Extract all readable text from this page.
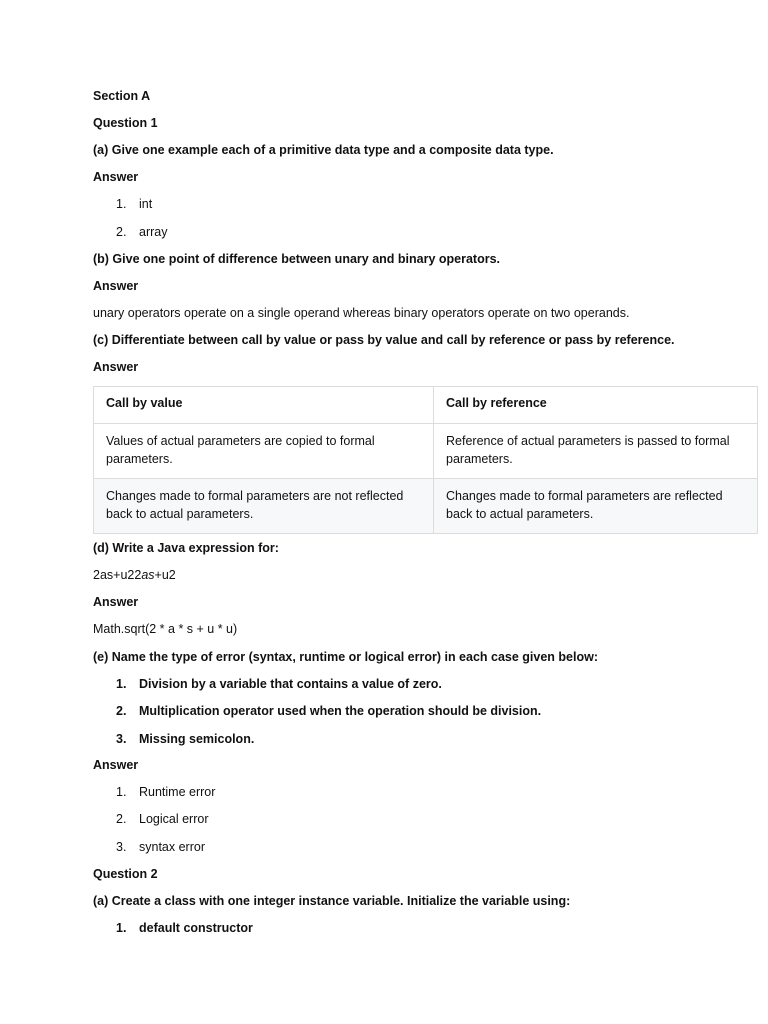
Section A
Question 1
(a) Give one example each of a primitive data type and a composite data type.
Answer
1. int
2. array
(b) Give one point of difference between unary and binary operators.
Answer
unary operators operate on a single operand whereas binary operators operate on two operands.
(c) Differentiate between call by value or pass by value and call by reference or pass by reference.
Answer
Call by value	Call by reference
Values of actual parameters are copied to formal parameters.	Reference of actual parameters is passed to formal parameters.
Changes made to formal parameters are not reflected back to actual parameters.	Changes made to formal parameters are reflected back to actual parameters.
(d) Write a Java expression for:
2as+u22as+u2
Answer
Math.sqrt(2 * a * s + u * u)
(e) Name the type of error (syntax, runtime or logical error) in each case given below:
1. Division by a variable that contains a value of zero.
2. Multiplication operator used when the operation should be division.
3. Missing semicolon.
Answer
1. Runtime error
2. Logical error
3. syntax error
Question 2
(a) Create a class with one integer instance variable. Initialize the variable using:
1. default constructor
